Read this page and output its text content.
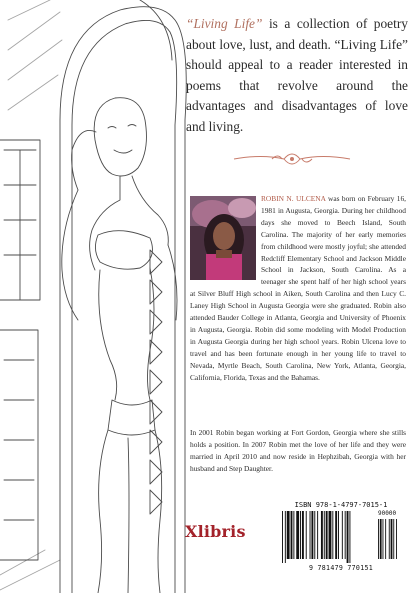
“Living Life” is a collection of poetry about love, lust, and death. “Living Life” should appeal to a reader interested in poems that revolve around the advantages and disadvantages of love and living.

ROBIN N. ULCENA was born on February 16, 1981 in Augusta, Georgia. During her childhood days she moved to Beech Island, South Carolina. The majority of her early memories from childhood were mostly joyful; she attended Redcliff Elementary School and Jackson Middle School in Jackson, South Carolina. As a teenager she spent half of her high school years at Silver Bluff High school in Aiken, South Carolina and then Lucy C. Laney High School in Augusta Georgia were she graduated. Robin also attended Bauder College in Atlanta, Georgia and University of Phoenix in Augusta, Georgia. Robin did some modeling with Model Production in Augusta Georgia during her high school years. Robin Ulcena love to travel and has been fortunate enough in her young life to travel to Nevada, Myrtle Beach, South Carolina, New York, Atlanta, Georgia, California, Florida, Texas and the Bahamas.

In 2001 Robin began working at Fort Gordon, Georgia where she stills holds a position. In 2007 Robin met the love of her life and they were married in April 2010 and now reside in Hephzibah, Georgia with her husband and Step Daughter.

Xlibris
ISBN 978-1-4797-7015-1
90000
9 781479 770151
